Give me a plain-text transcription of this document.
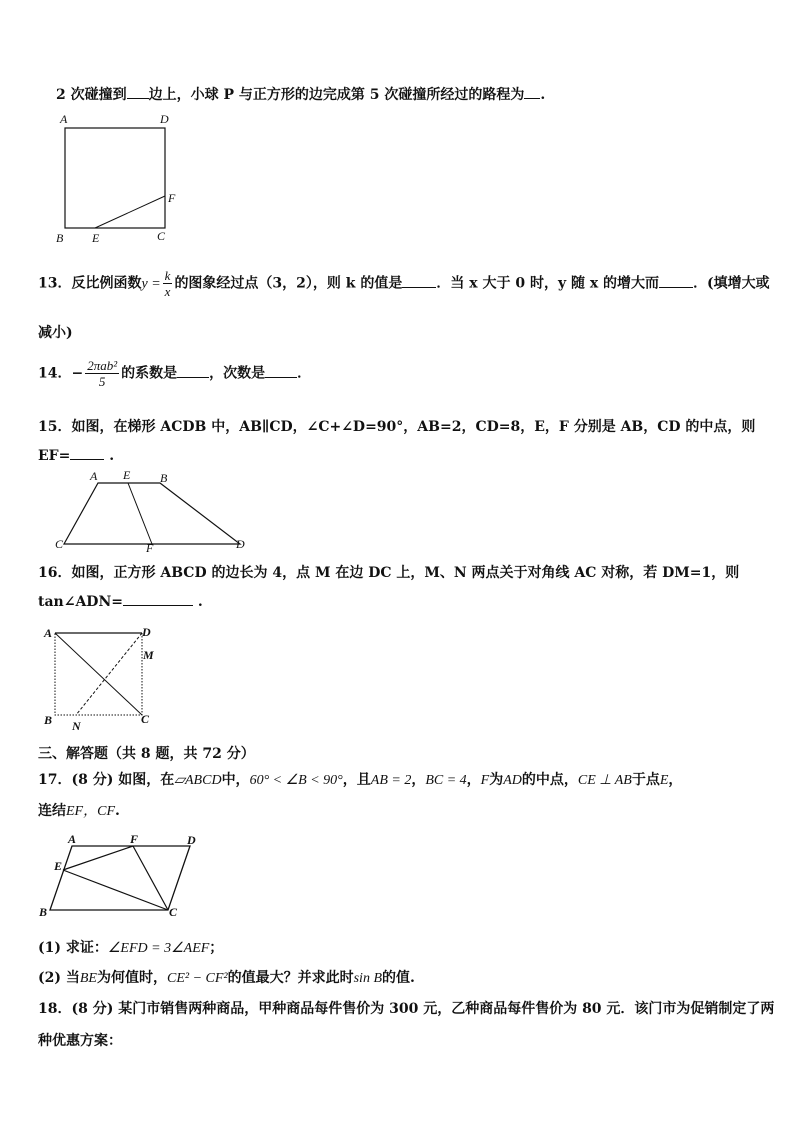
2 次碰撞到 边上，小球 P 与正方形的边完成第 5 次碰撞所经过的路程为 .
A	D
F
B E	C
13．反比例函数$y = \frac{k}{x}$ 的图象经过点（3，2），则 k 的值是 ．当 x 大于 0 时，y 随 x 的增大而 ．(填增大或
减小)
14．− $\frac{\text{2πab²}}{5}$ 的系数是 ，次数是 ．
15．如图，在梯形 ACDB 中，AB∥CD，∠C+∠D=90°，AB=2，CD=8，E，F 分别是 AB，CD 的中点，则
EF=	.
A E B
C	F	D
16．如图，正方形 ABCD 的边长为 4，点 M 在边 DC 上，M、N 两点关于对角线 AC 对称，若 DM=1，则
tan∠ADN=	.
A	D
M
B N	C
三、解答题（共 8 题，共 72 分）
17．(8 分) 如图，在▱ABCD中，60° < ∠B < 90°，且AB = 2，BC = 4，F为AD的中点，CE ⊥ AB于点E，
连结EF，CF.
A	F	D
E
B	C
(1) 求证：∠EFD = 3∠AEF；
(2) 当BE为何值时，CE² − CF²的值最大？并求此时sin B的值.
18．(8 分) 某门市销售两种商品，甲种商品每件售价为 300 元，乙种商品每件售价为 80 元．该门市为促销制定了两
种优惠方案：
